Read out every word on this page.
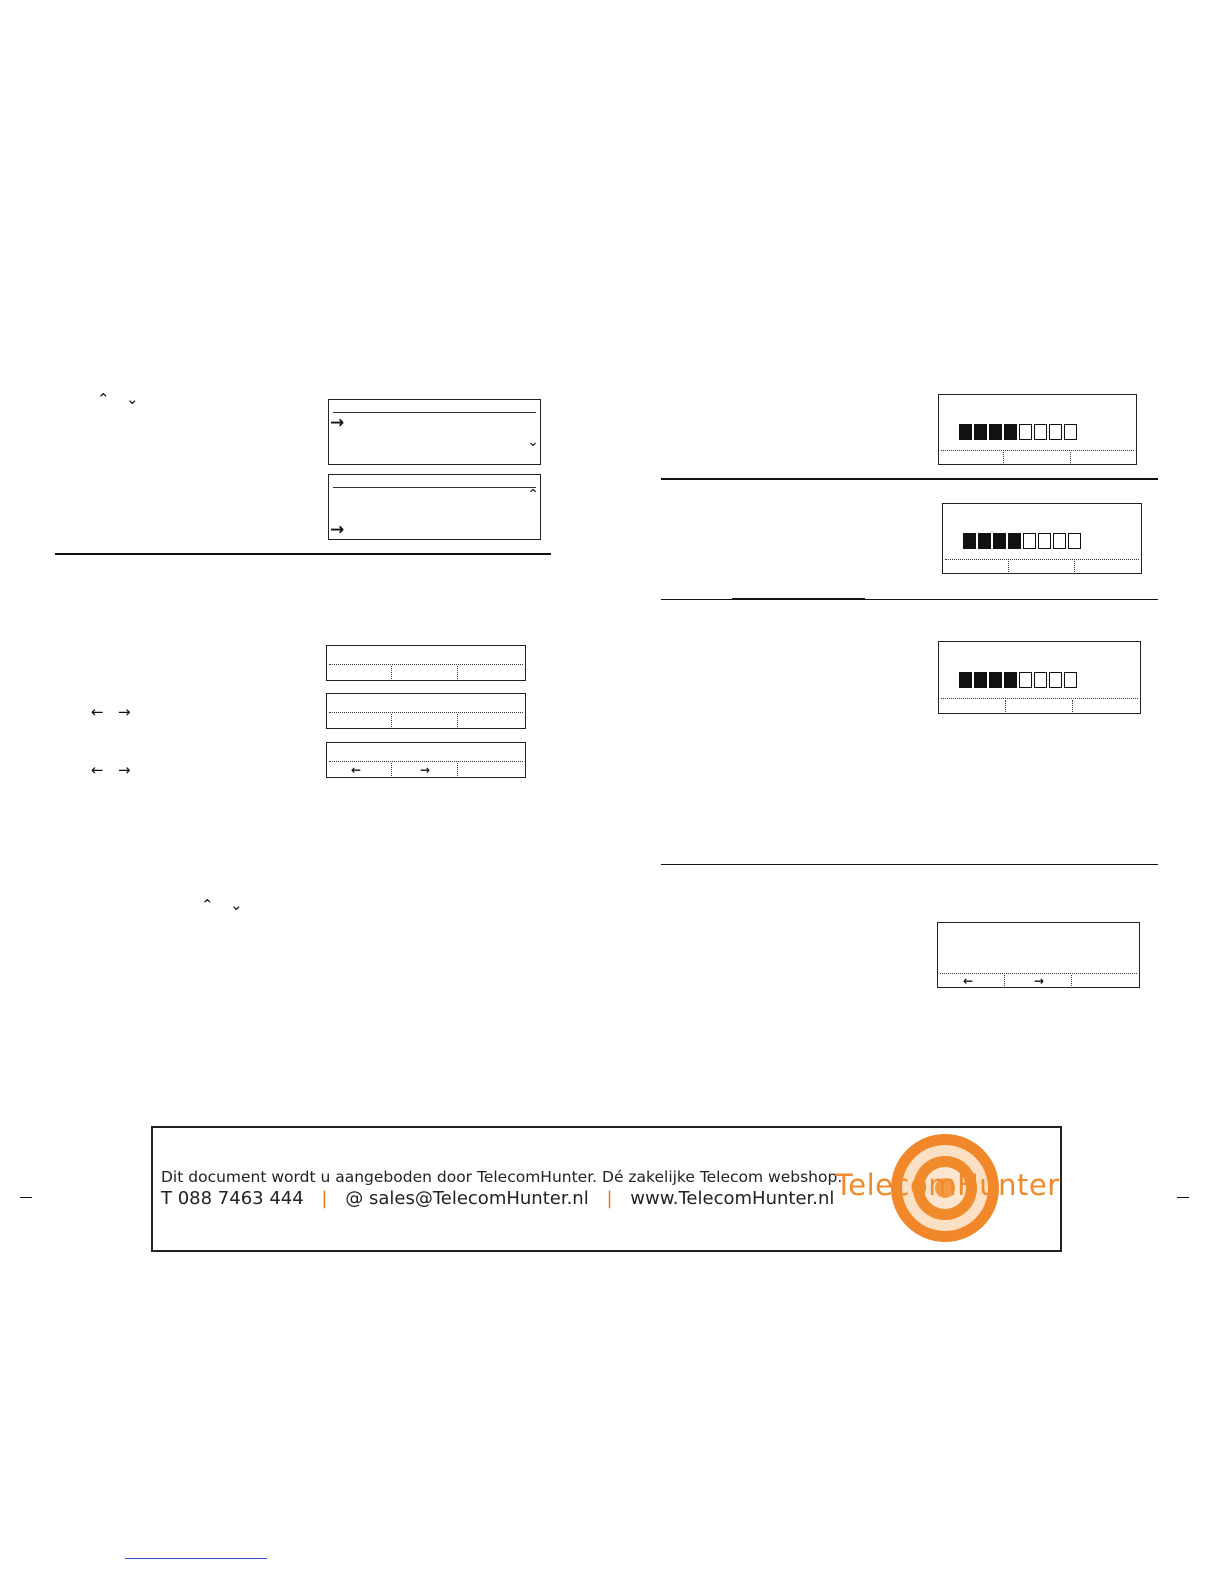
⌃ ⌄
→
⌄
⌃
→
← →
← →	←	→
⌃ ⌄
←	→
Dit document wordt u aangeboden door TelecomHunter. Dé zakelijke Telecom webshop.
T 088 7463 444 | @ sales@TelecomHunter.nl | www.TelecomHunter.nl TelecomHunter
